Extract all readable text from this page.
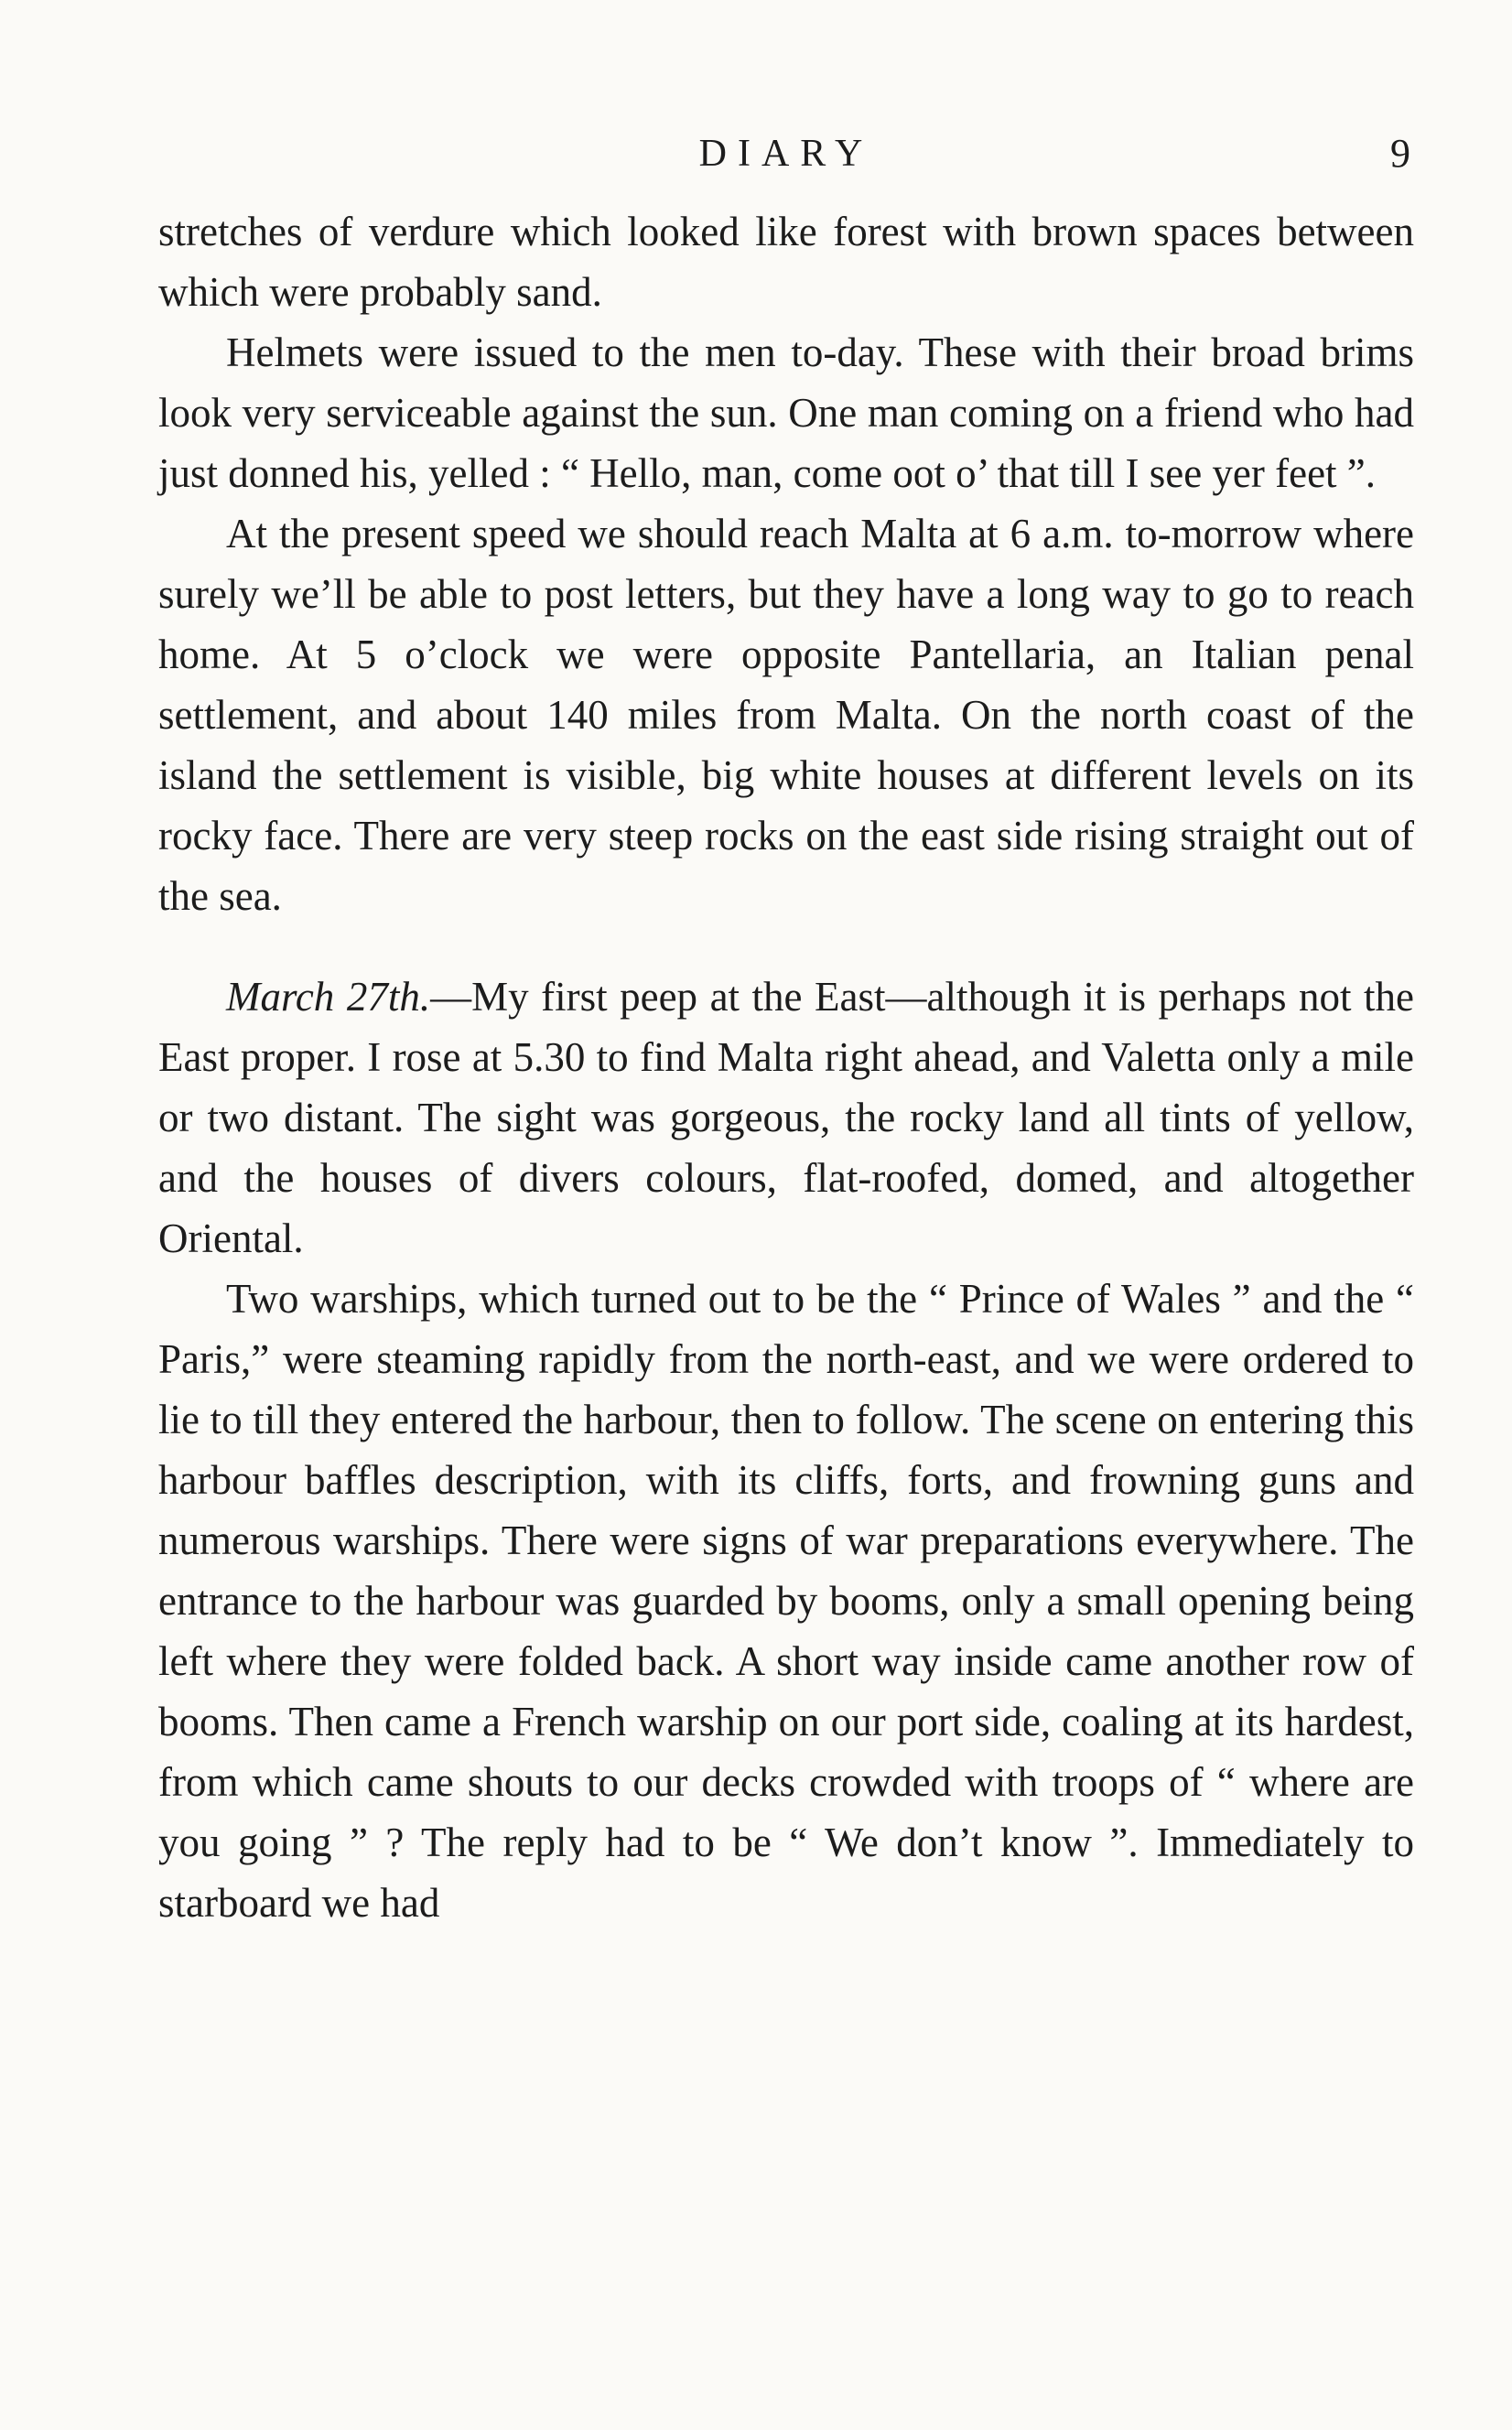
DIARY	9

stretches of verdure which looked like forest with brown spaces between which were probably sand.

Helmets were issued to the men to-day. These with their broad brims look very serviceable against the sun. One man coming on a friend who had just donned his, yelled : “ Hello, man, come oot o’ that till I see yer feet ”.

At the present speed we should reach Malta at 6 a.m. to-morrow where surely we’ll be able to post letters, but they have a long way to go to reach home. At 5 o’clock we were opposite Pantellaria, an Italian penal settlement, and about 140 miles from Malta. On the north coast of the island the settlement is visible, big white houses at different levels on its rocky face. There are very steep rocks on the east side rising straight out of the sea.

March 27th.—My first peep at the East—although it is perhaps not the East proper. I rose at 5.30 to find Malta right ahead, and Valetta only a mile or two distant. The sight was gorgeous, the rocky land all tints of yellow, and the houses of divers colours, flat-roofed, domed, and altogether Oriental.

Two warships, which turned out to be the “ Prince of Wales ” and the “ Paris,” were steaming rapidly from the north-east, and we were ordered to lie to till they entered the harbour, then to follow. The scene on entering this harbour baffles description, with its cliffs, forts, and frowning guns and numerous warships. There were signs of war preparations everywhere. The entrance to the harbour was guarded by booms, only a small opening being left where they were folded back. A short way inside came another row of booms. Then came a French warship on our port side, coaling at its hardest, from which came shouts to our decks crowded with troops of “ where are you going ” ? The reply had to be “ We don’t know ”. Immediately to starboard we had
